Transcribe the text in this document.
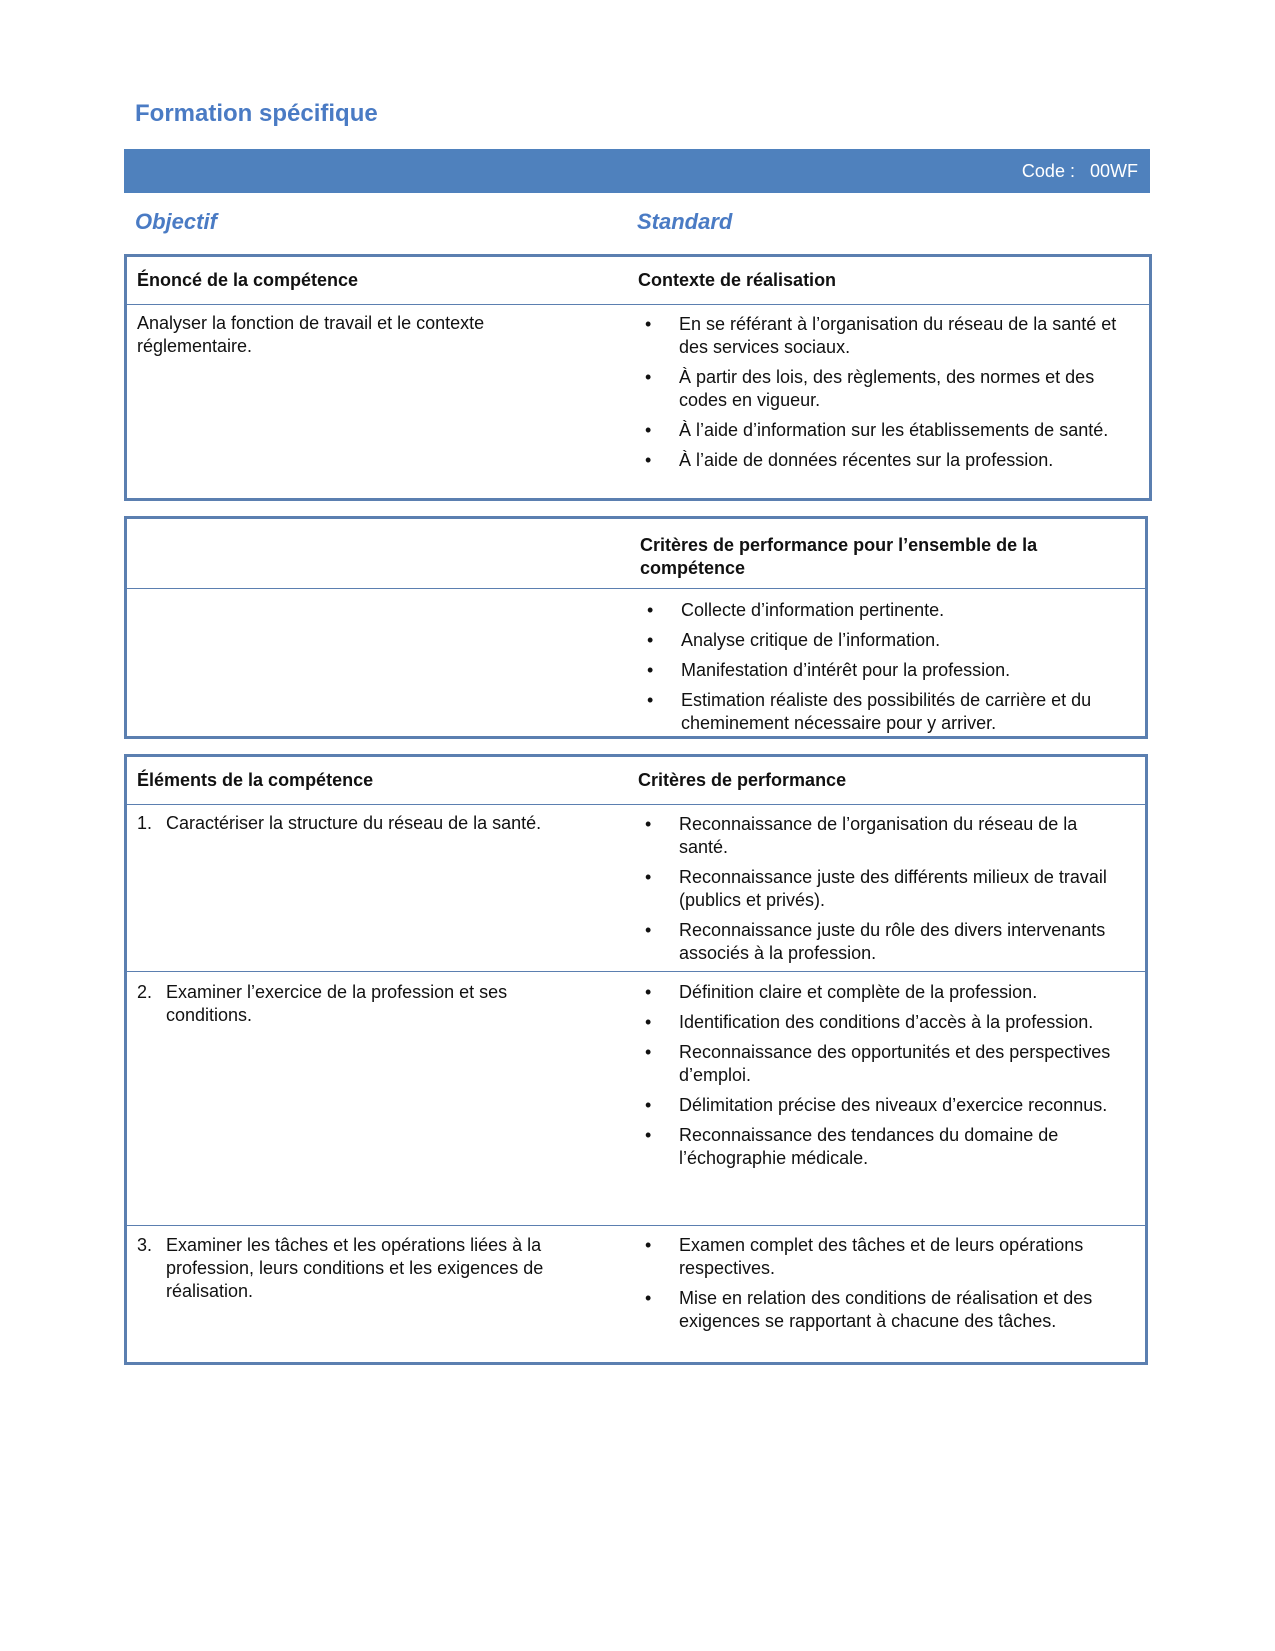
Formation spécifique
Code : 00WF
Objectif	Standard
Énoncé de la compétence	Contexte de réalisation
Analyser la fonction de travail et le contexte réglementaire.
• En se référant à l’organisation du réseau de la santé et des services sociaux.
• À partir des lois, des règlements, des normes et des codes en vigueur.
• À l’aide d’information sur les établissements de santé.
• À l’aide de données récentes sur la profession.
Critères de performance pour l’ensemble de la compétence
• Collecte d’information pertinente.
• Analyse critique de l’information.
• Manifestation d’intérêt pour la profession.
• Estimation réaliste des possibilités de carrière et du cheminement nécessaire pour y arriver.
Éléments de la compétence	Critères de performance
1. Caractériser la structure du réseau de la santé.	• Reconnaissance de l’organisation du réseau de la santé.
• Reconnaissance juste des différents milieux de travail (publics et privés).
• Reconnaissance juste du rôle des divers intervenants associés à la profession.
2. Examiner l’exercice de la profession et ses conditions.
• Définition claire et complète de la profession.
• Identification des conditions d’accès à la profession.
• Reconnaissance des opportunités et des perspectives d’emploi.
• Délimitation précise des niveaux d’exercice reconnus.
• Reconnaissance des tendances du domaine de l’échographie médicale.
3. Examiner les tâches et les opérations liées à la profession, leurs conditions et les exigences de réalisation.
• Examen complet des tâches et de leurs opérations respectives.
• Mise en relation des conditions de réalisation et des exigences se rapportant à chacune des tâches.
